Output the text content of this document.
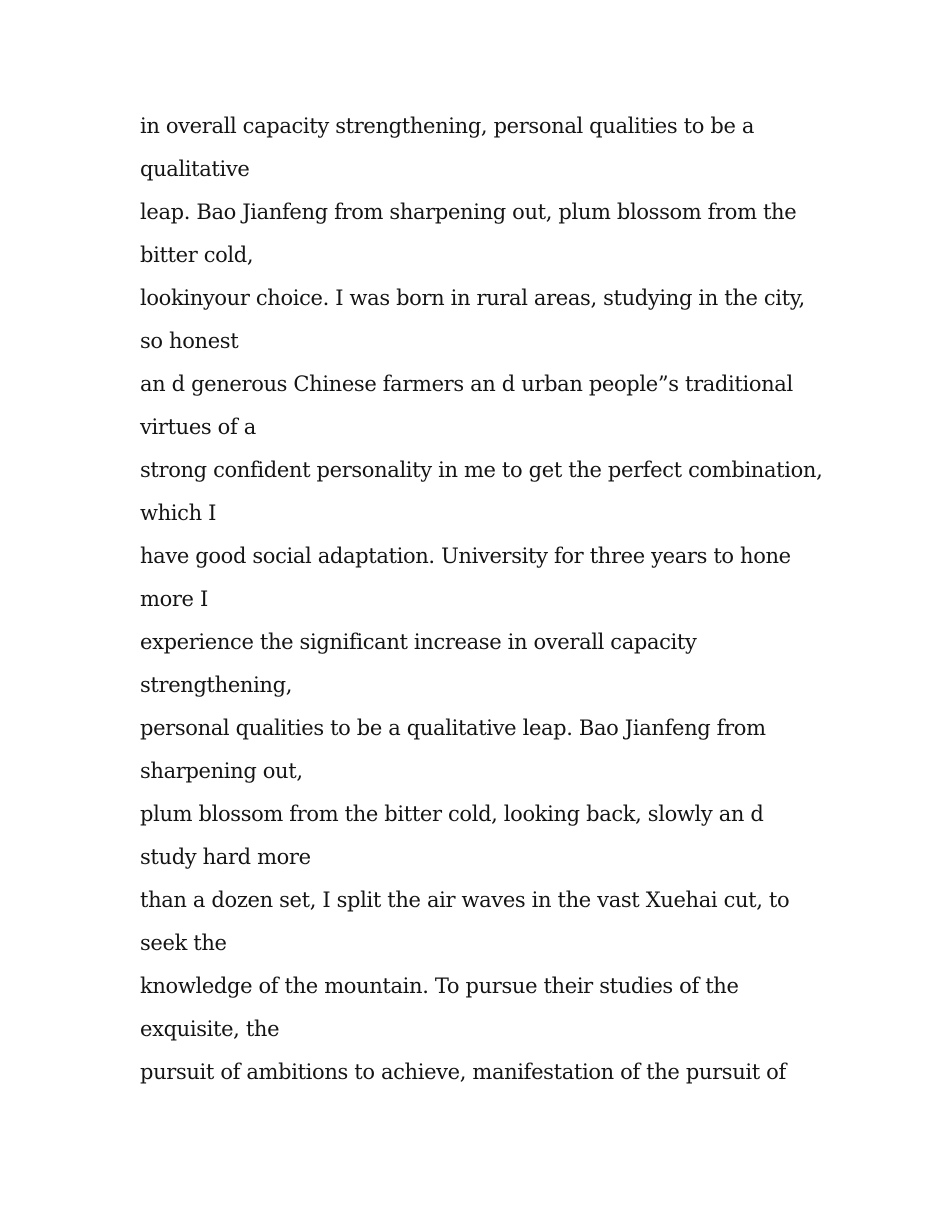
in overall capacity strengthening, personal qualities to be a
qualitative
leap. Bao Jianfeng from sharpening out, plum blossom from the
bitter cold,
lookinyour choice. I was born in rural areas, studying in the city,
so honest
an d generous Chinese farmers an d urban people”s traditional
virtues of a
strong confident personality in me to get the perfect combination,
which I
have good social adaptation. University for three years to hone
more I
experience the significant increase in overall capacity
strengthening,
personal qualities to be a qualitative leap. Bao Jianfeng from
sharpening out,
plum blossom from the bitter cold, looking back, slowly an d
study hard more
than a dozen set, I split the air waves in the vast Xuehai cut, to
seek the
knowledge of the mountain. To pursue their studies of the
exquisite, the
pursuit of ambitions to achieve, manifestation of the pursuit of
